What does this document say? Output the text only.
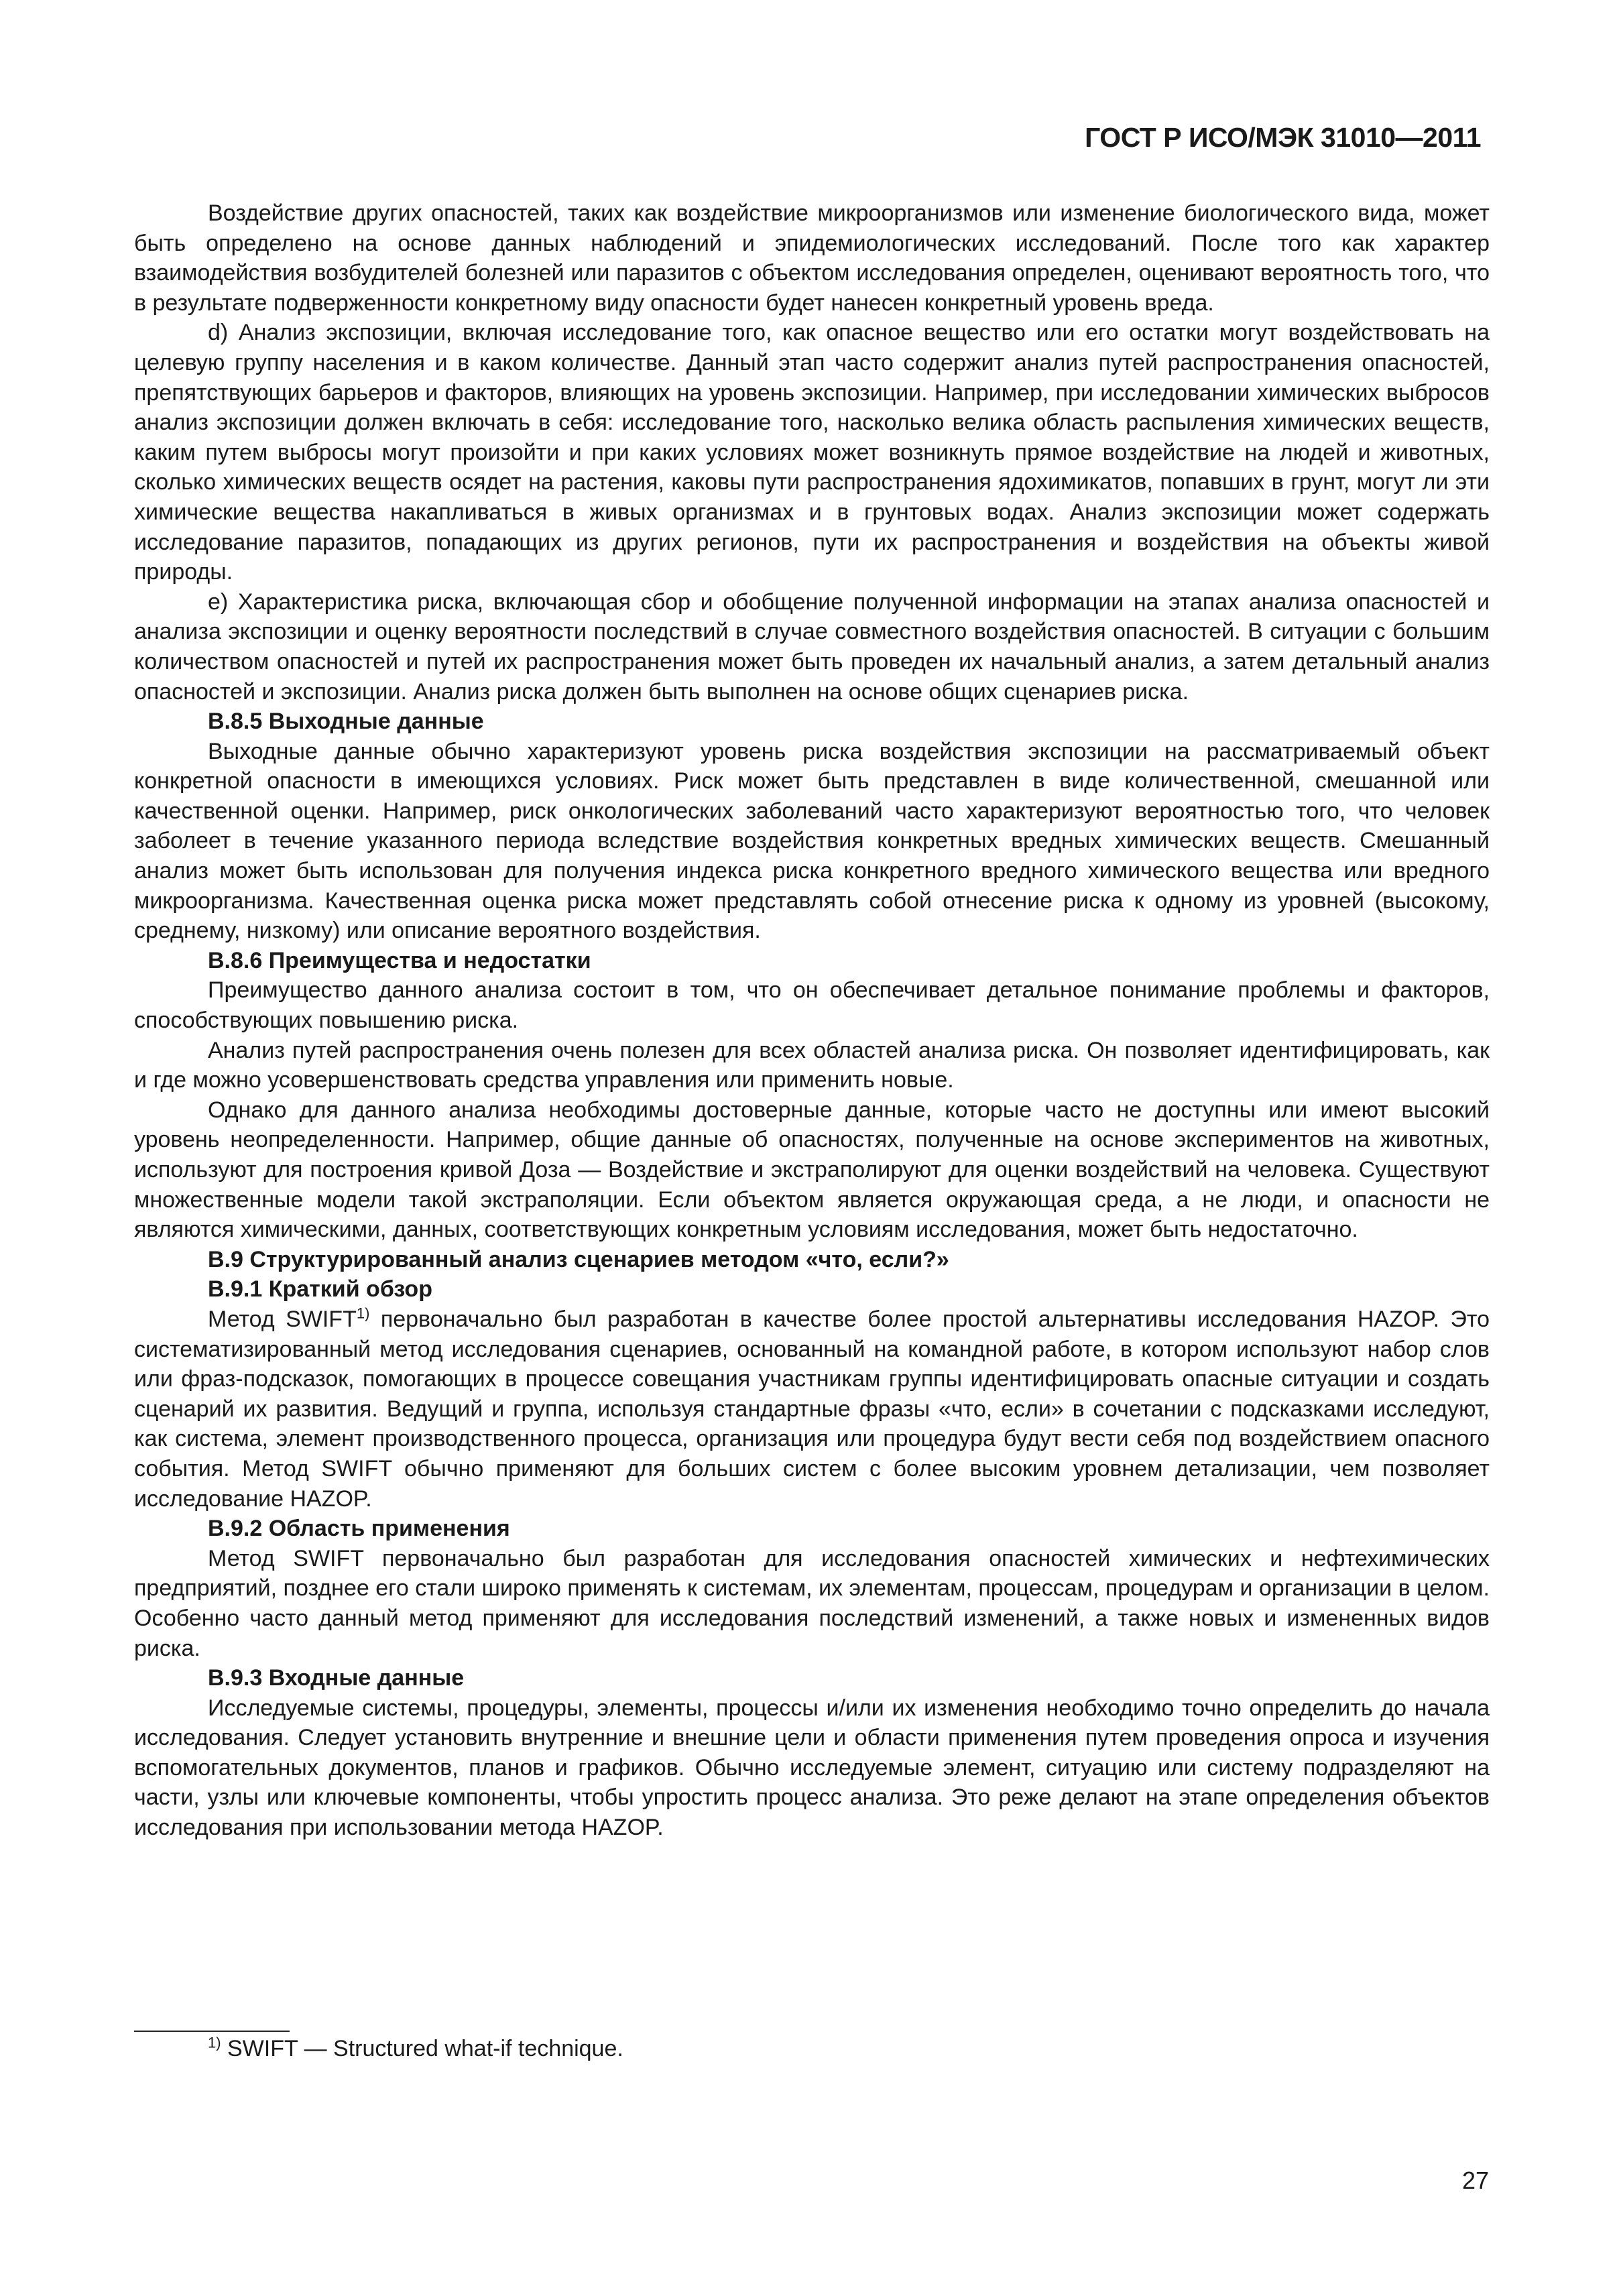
ГОСТ Р ИСО/МЭК 31010—2011

Воздействие других опасностей, таких как воздействие микроорганизмов или изменение биологического вида, может быть определено на основе данных наблюдений и эпидемиологических исследований. После того как характер взаимодействия возбудителей болезней или паразитов с объектом исследования определен, оценивают вероятность того, что в результате подверженности конкретному виду опасности будет нанесен конкретный уровень вреда.

d) Анализ экспозиции, включая исследование того, как опасное вещество или его остатки могут воздействовать на целевую группу населения и в каком количестве. Данный этап часто содержит анализ путей распространения опасностей, препятствующих барьеров и факторов, влияющих на уровень экспозиции. Например, при исследовании химических выбросов анализ экспозиции должен включать в себя: исследование того, насколько велика область распыления химических веществ, каким путем выбросы могут произойти и при каких условиях может возникнуть прямое воздействие на людей и животных, сколько химических веществ осядет на растения, каковы пути распространения ядохимикатов, попавших в грунт, могут ли эти химические вещества накапливаться в живых организмах и в грунтовых водах. Анализ экспозиции может содержать исследование паразитов, попадающих из других регионов, пути их распространения и воздействия на объекты живой природы.

e) Характеристика риска, включающая сбор и обобщение полученной информации на этапах анализа опасностей и анализа экспозиции и оценку вероятности последствий в случае совместного воздействия опасностей. В ситуации с большим количеством опасностей и путей их распространения может быть проведен их начальный анализ, а затем детальный анализ опасностей и экспозиции. Анализ риска должен быть выполнен на основе общих сценариев риска.

В.8.5 Выходные данные

Выходные данные обычно характеризуют уровень риска воздействия экспозиции на рассматриваемый объект конкретной опасности в имеющихся условиях. Риск может быть представлен в виде количественной, смешанной или качественной оценки. Например, риск онкологических заболеваний часто характеризуют вероятностью того, что человек заболеет в течение указанного периода вследствие воздействия конкретных вредных химических веществ. Смешанный анализ может быть использован для получения индекса риска конкретного вредного химического вещества или вредного микроорганизма. Качественная оценка риска может представлять собой отнесение риска к одному из уровней (высокому, среднему, низкому) или описание вероятного воздействия.

В.8.6 Преимущества и недостатки

Преимущество данного анализа состоит в том, что он обеспечивает детальное понимание проблемы и факторов, способствующих повышению риска.

Анализ путей распространения очень полезен для всех областей анализа риска. Он позволяет идентифицировать, как и где можно усовершенствовать средства управления или применить новые.

Однако для данного анализа необходимы достоверные данные, которые часто не доступны или имеют высокий уровень неопределенности. Например, общие данные об опасностях, полученные на основе экспериментов на животных, используют для построения кривой Доза — Воздействие и экстраполируют для оценки воздействий на человека. Существуют множественные модели такой экстраполяции. Если объектом является окружающая среда, а не люди, и опасности не являются химическими, данных, соответствующих конкретным условиям исследования, может быть недостаточно.

В.9 Структурированный анализ сценариев методом «что, если?»

В.9.1 Краткий обзор

Метод SWIFT$^{1)}$ первоначально был разработан в качестве более простой альтернативы исследования HAZOP. Это систематизированный метод исследования сценариев, основанный на командной работе, в котором используют набор слов или фраз-подсказок, помогающих в процессе совещания участникам группы идентифицировать опасные ситуации и создать сценарий их развития. Ведущий и группа, используя стандартные фразы «что, если» в сочетании с подсказками исследуют, как система, элемент производственного процесса, организация или процедура будут вести себя под воздействием опасного события. Метод SWIFT обычно применяют для больших систем с более высоким уровнем детализации, чем позволяет исследование HAZOP.

В.9.2 Область применения

Метод SWIFT первоначально был разработан для исследования опасностей химических и нефтехимических предприятий, позднее его стали широко применять к системам, их элементам, процессам, процедурам и организации в целом. Особенно часто данный метод применяют для исследования последствий изменений, а также новых и измененных видов риска.

В.9.3 Входные данные

Исследуемые системы, процедуры, элементы, процессы и/или их изменения необходимо точно определить до начала исследования. Следует установить внутренние и внешние цели и области применения путем проведения опроса и изучения вспомогательных документов, планов и графиков. Обычно исследуемые элемент, ситуацию или систему подразделяют на части, узлы или ключевые компоненты, чтобы упростить процесс анализа. Это реже делают на этапе определения объектов исследования при использовании метода HAZOP.

$^{1)}$ SWIFT — Structured what-if technique.
27
